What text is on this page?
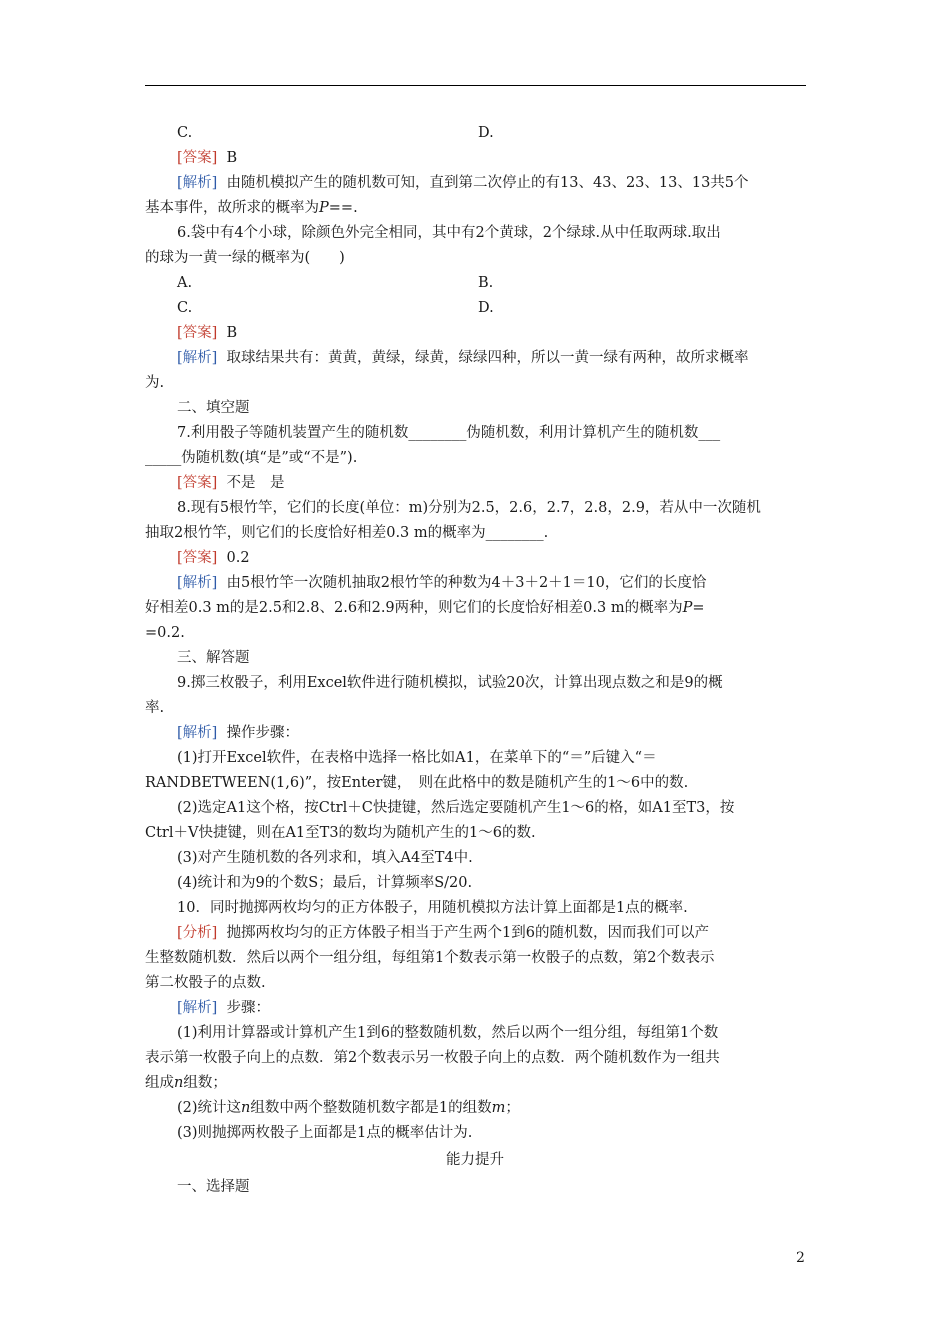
C.	D.
[答案] B
[解析] 由随机模拟产生的随机数可知，直到第二次停止的有13、43、23、13、13共5个
基本事件，故所求的概率为P==.
6.袋中有4个小球，除颜色外完全相同，其中有2个黄球，2个绿球.从中任取两球.取出
的球为一黄一绿的概率为(　　)
A.	B.
C.	D.
[答案] B
[解析] 取球结果共有：黄黄，黄绿，绿黄，绿绿四种，所以一黄一绿有两种，故所求概率
为.
二、填空题
7.利用骰子等随机装置产生的随机数________伪随机数，利用计算机产生的随机数___
_____伪随机数(填“是”或“不是”).
[答案] 不是　是
8.现有5根竹竿，它们的长度(单位：m)分别为2.5，2.6，2.7，2.8，2.9，若从中一次随机
抽取2根竹竿，则它们的长度恰好相差0.3 m的概率为________.
[答案] 0.2
[解析] 由5根竹竿一次随机抽取2根竹竿的种数为4＋3＋2＋1＝10，它们的长度恰
好相差0.3 m的是2.5和2.8、2.6和2.9两种，则它们的长度恰好相差0.3 m的概率为P=
=0.2.
三、解答题
9.掷三枚骰子，利用Excel软件进行随机模拟，试验20次，计算出现点数之和是9的概
率.
[解析] 操作步骤：
(1)打开Excel软件，在表格中选择一格比如A1，在菜单下的“＝”后键入“＝
RANDBETWEEN(1,6)”，按Enter键，　则在此格中的数是随机产生的1～6中的数.
(2)选定A1这个格，按Ctrl＋C快捷键，然后选定要随机产生1～6的格，如A1至T3，按
Ctrl＋V快捷键，则在A1至T3的数均为随机产生的1～6的数.
(3)对产生随机数的各列求和，填入A4至T4中.
(4)统计和为9的个数S；最后，计算频率S/20.
10．同时抛掷两枚均匀的正方体骰子，用随机模拟方法计算上面都是1点的概率.
[分析] 抛掷两枚均匀的正方体骰子相当于产生两个1到6的随机数，因而我们可以产
生整数随机数．然后以两个一组分组，每组第1个数表示第一枚骰子的点数，第2个数表示
第二枚骰子的点数.
[解析] 步骤：
(1)利用计算器或计算机产生1到6的整数随机数，然后以两个一组分组，每组第1个数
表示第一枚骰子向上的点数．第2个数表示另一枚骰子向上的点数．两个随机数作为一组共
组成n组数；
(2)统计这n组数中两个整数随机数字都是1的组数m；
(3)则抛掷两枚骰子上面都是1点的概率估计为.
能力提升
一、选择题
2
